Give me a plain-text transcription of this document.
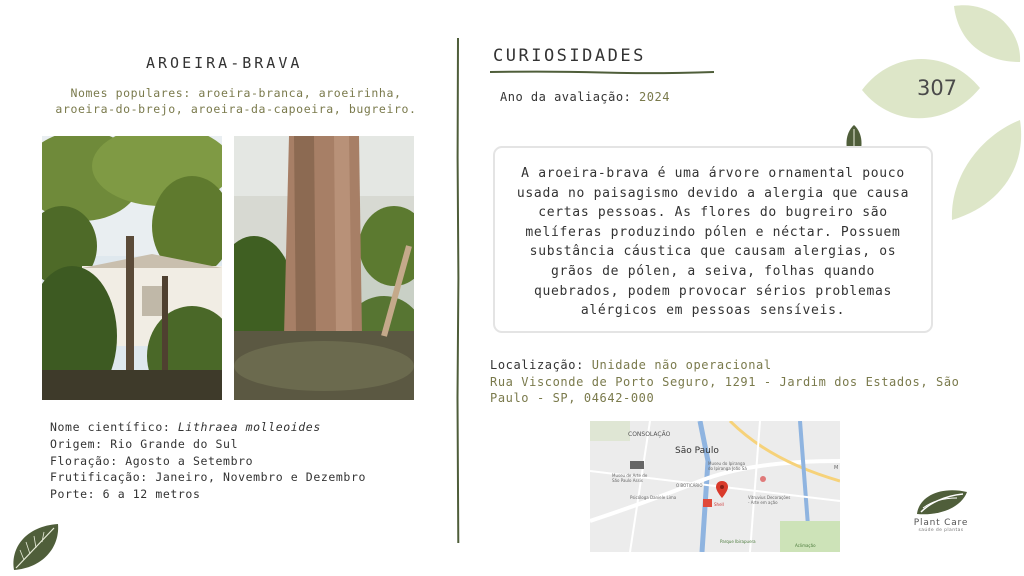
AROEIRA-BRAVA
Nomes populares: aroeira-branca, aroeirinha, aroeira-do-brejo, aroeira-da-capoeira, bugreiro.
Nome científico: Lithraea molleoides
Origem: Rio Grande do Sul
Floração: Agosto a Setembro
Frutificação: Janeiro, Novembro e Dezembro
Porte: 6 a 12 metros
CURIOSIDADES
Ano da avaliação: 2024	307
A aroeira-brava é uma árvore ornamental pouco usada no paisagismo devido a alergia que causa certas pessoas. As flores do bugreiro são melíferas produzindo pólen e néctar. Possuem substância cáustica que causam alergias, os grãos de pólen, a seiva, folhas quando quebrados, podem provocar sérios problemas alérgicos em pessoas sensíveis.
Localização: Unidade não operacional
Rua Visconde de Porto Seguro, 1291 - Jardim dos Estados, São Paulo - SP, 04642-000
CONSOLAÇÃO
São Paulo
Museu de Arte de
São Paulo Assis
Museu do Ipiranga
do Ipiranga João Sá
O BOTICÁRIO
Psicóloga Daniele Lima
Shell
Vitruvius Decorações
- Arte em ação
M
Parque Ibirapuera
Aclimação
Plant Care
saúde de plantas
